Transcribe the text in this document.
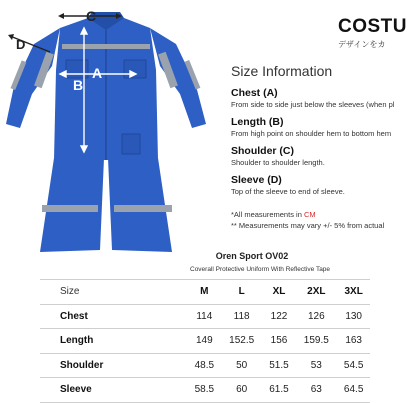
C
D
A
B
COSTU
デザインをカ
Size Information
Chest (A)
From side to side just below the sleeves (when pl
Length (B)
From high point on shoulder hem to bottom hem
Shoulder (C)
Shoulder to shoulder length.
Sleeve (D)
Top of the sleeve to end of sleeve.
*All measurements in CM
** Measurements may vary +/- 5% from actual
Oren Sport OV02
Coverall Protective Uniform With Reflective Tape
Size	M	L	XL	2XL	3XL
Chest	114	118	122	126	130
Length	149	152.5	156	159.5	163
Shoulder	48.5	50	51.5	53	54.5
Sleeve	58.5	60	61.5	63	64.5
